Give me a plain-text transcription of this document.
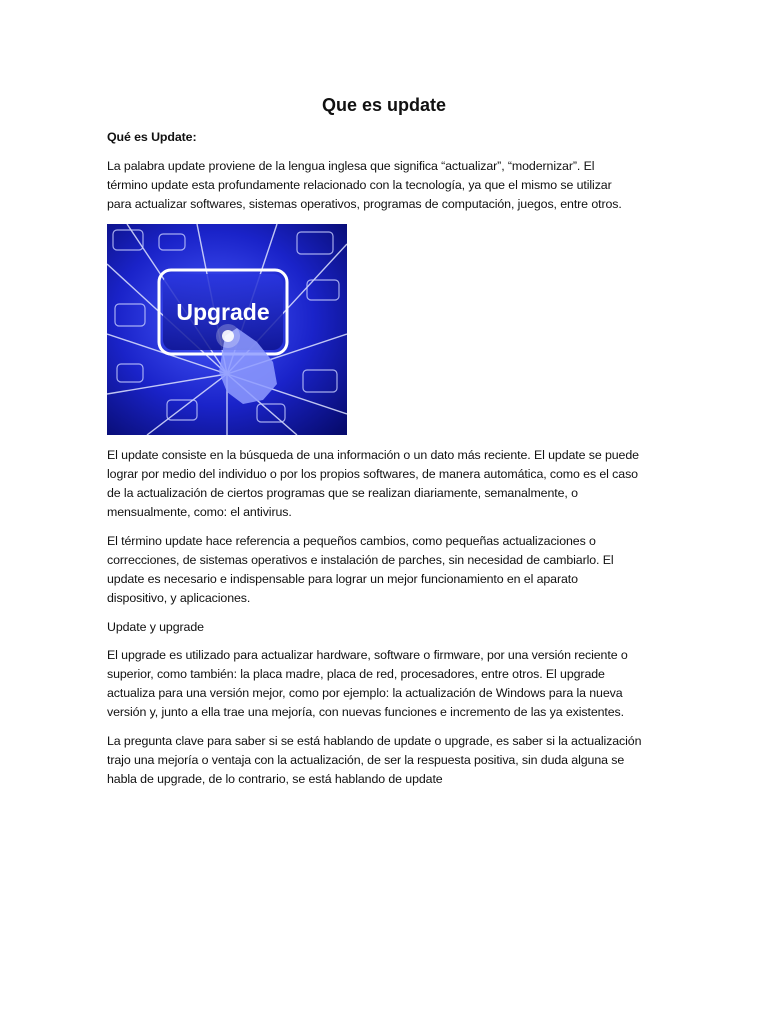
Que es update
Qué es Update:
La palabra update proviene de la lengua inglesa que significa “actualizar”, “modernizar”. El
término update esta profundamente relacionado con la tecnología, ya que el mismo se utilizar
para actualizar softwares, sistemas operativos, programas de computación, juegos, entre otros.
Upgrade
El update consiste en la búsqueda de una información o un dato más reciente. El update se puede
lograr por medio del individuo o por los propios softwares, de manera automática, como es el caso
de la actualización de ciertos programas que se realizan diariamente, semanalmente, o
mensualmente, como: el antivirus.
El término update hace referencia a pequeños cambios, como pequeñas actualizaciones o
correcciones, de sistemas operativos e instalación de parches, sin necesidad de cambiarlo. El
update es necesario e indispensable para lograr un mejor funcionamiento en el aparato
dispositivo, y aplicaciones.
Update y upgrade
El upgrade es utilizado para actualizar hardware, software o firmware, por una versión reciente o
superior, como también: la placa madre, placa de red, procesadores, entre otros. El upgrade
actualiza para una versión mejor, como por ejemplo: la actualización de Windows para la nueva
versión y, junto a ella trae una mejoría, con nuevas funciones e incremento de las ya existentes.
La pregunta clave para saber si se está hablando de update o upgrade, es saber si la actualización
trajo una mejoría o ventaja con la actualización, de ser la respuesta positiva, sin duda alguna se
habla de upgrade, de lo contrario, se está hablando de update
